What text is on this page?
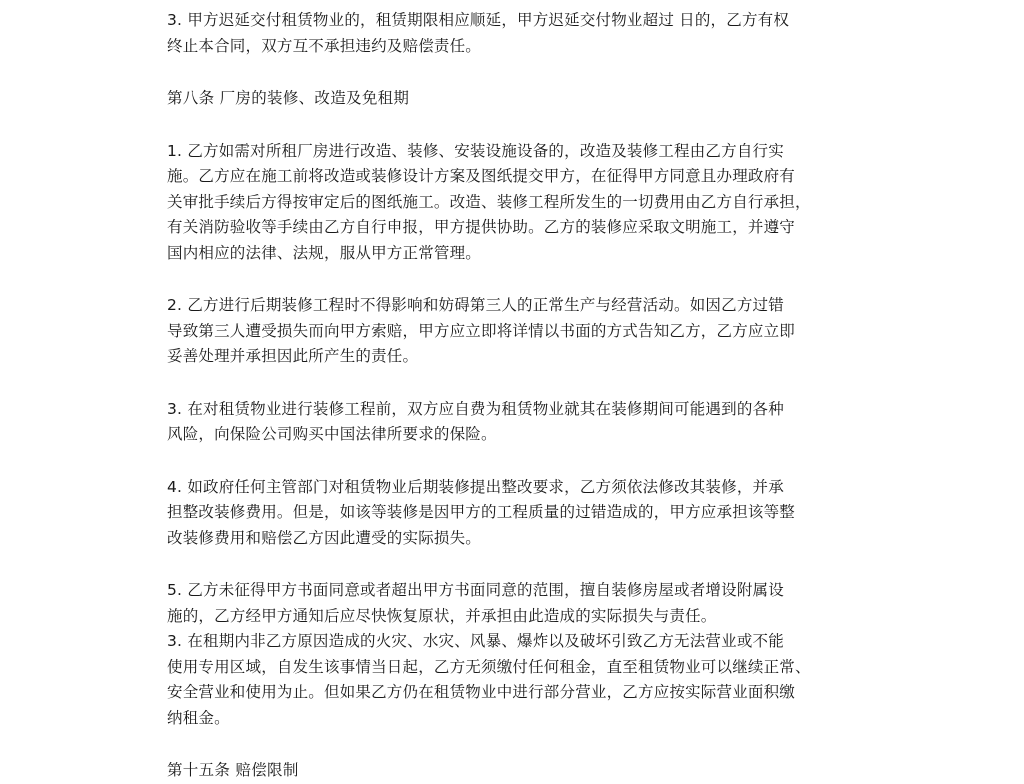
3. 甲方迟延交付租赁物业的，租赁期限相应顺延，甲方迟延交付物业超过 日的，乙方有权
终止本合同，双方互不承担违约及赔偿责任。
第八条 厂房的装修、改造及免租期
1. 乙方如需对所租厂房进行改造、装修、安装设施设备的，改造及装修工程由乙方自行实
施。乙方应在施工前将改造或装修设计方案及图纸提交甲方，在征得甲方同意且办理政府有
关审批手续后方得按审定后的图纸施工。改造、装修工程所发生的一切费用由乙方自行承担，
有关消防验收等手续由乙方自行申报，甲方提供协助。乙方的装修应采取文明施工，并遵守
国内相应的法律、法规，服从甲方正常管理。
2. 乙方进行后期装修工程时不得影响和妨碍第三人的正常生产与经营活动。如因乙方过错
导致第三人遭受损失而向甲方索赔，甲方应立即将详情以书面的方式告知乙方，乙方应立即
妥善处理并承担因此所产生的责任。
3. 在对租赁物业进行装修工程前，双方应自费为租赁物业就其在装修期间可能遇到的各种
风险，向保险公司购买中国法律所要求的保险。
4. 如政府任何主管部门对租赁物业后期装修提出整改要求，乙方须依法修改其装修，并承
担整改装修费用。但是，如该等装修是因甲方的工程质量的过错造成的，甲方应承担该等整
改装修费用和赔偿乙方因此遭受的实际损失。
5. 乙方未征得甲方书面同意或者超出甲方书面同意的范围，擅自装修房屋或者增设附属设
施的，乙方经甲方通知后应尽快恢复原状，并承担由此造成的实际损失与责任。
3. 在租期内非乙方原因造成的火灾、水灾、风暴、爆炸以及破坏引致乙方无法营业或不能
使用专用区域，自发生该事情当日起，乙方无须缴付任何租金，直至租赁物业可以继续正常、
安全营业和使用为止。但如果乙方仍在租赁物业中进行部分营业，乙方应按实际营业面积缴
纳租金。
第十五条 赔偿限制
